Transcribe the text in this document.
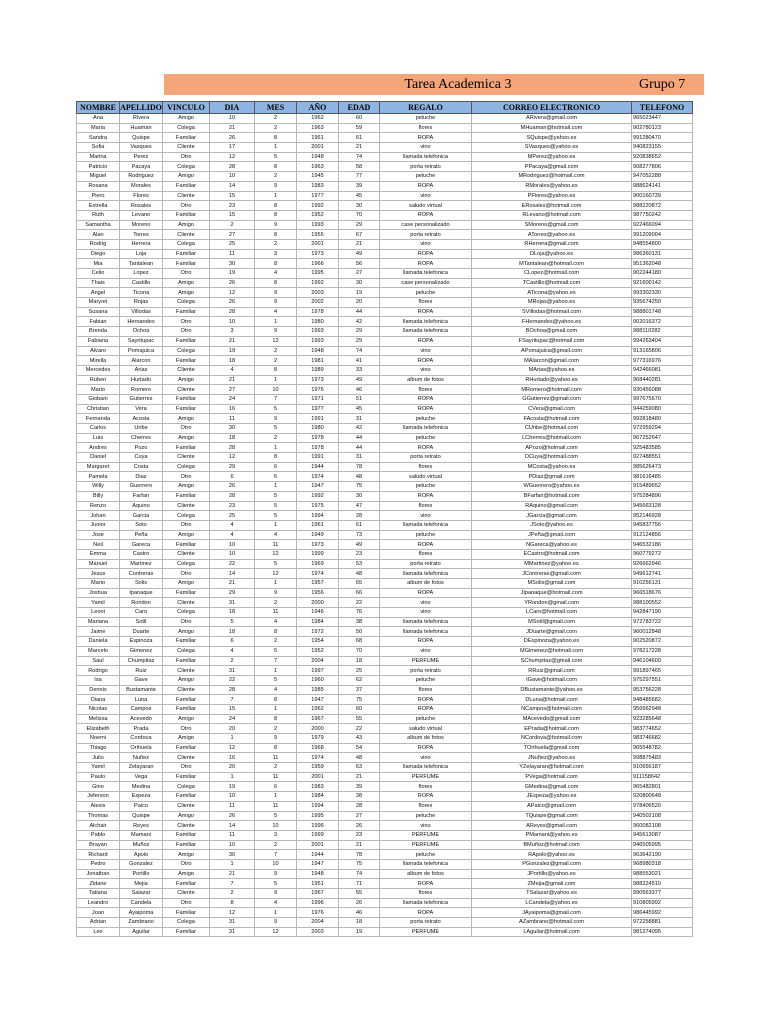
Tarea Academica 3	Grupo 7
NOMBRE	APELLIDO	VINCULO	DIA	MES	AÑO	EDAD	REGALO	CORREO ELECTRONICO	TELEFONO
Ana	Rivera	Amigo	10	2	1962	60	peluche	ARivera@gmail.com	965023447
Maria	Huaman	Colega	21	2	1963	59	flores	MHuaman@hotmail.com	902780123
Sandra	Quispe	Familiar	26	8	1961	61	ROPA	SQuispe@yahoo.es	991280470
Sofia	Vasques	Cliente	17	1	2001	21	vino	SVasques@yahoo.es	940823155
Marina	Perez	Otro	12	5	1948	74	llamada telefonica	MPerez@yahoo.es	920838652
Patricio	Pacaya	Colega	28	8	1963	58	porta retrato	PPacaya@gmail.com	908277806
Miguel	Rodriguez	Amigo	10	2	1945	77	peluche	MRodriguez@hotmail.com	947052288
Roxana	Morales	Familiar	14	9	1983	39	ROPA	RMorales@yahoo.es	988624141
Piero	Flores	Cliente	15	1	1977	45	vino	PFlores@yahoo.es	900160739
Estrella	Rosales	Otro	23	8	1992	30	saludo virtual	ERosales@hotmail.com	988220872
Ruth	Levano	Familiar	15	8	1952	70	ROPA	RLevano@hotmail.com	987750242
Samantha	Moreno	Amigo	2	9	1993	29	case personalizado	SMoreno@gmail.com	922466094
Alan	Torres	Cliente	27	8	1955	67	porta retrato	ATorres@yahoo.es	991209004
Rodrig	Herrera	Colega	25	2	2001	21	vino	RHerrera@gmail.com	948554800
Diego	Loja	Familiar	11	3	1973	49	ROPA	DLoja@yahoo.es	986360131
Mia	Tantalean	Familiar	30	8	1966	56	ROPA	MTantalean@hotmail.com	951362048
Celio	Lopez	Otro	19	4	1995	27	llamada telefonica	CLopez@hotmail.com	902244180
Thais	Castillo	Amigo	26	8	1992	30	case personalizado	TCastillo@hotmail.com	921600142
Angel	Ticona	Amigo	12	9	2003	19	peluche	ATicona@yahoo.es	993302330
Maryori	Rojas	Colega	26	9	2002	20	flores	MRojas@yahoo.es	935674250
Susana	Villodas	Familiar	28	4	1978	44	ROPA	SVillodas@hotmail.com	988801748
Fabian	Hernandes	Otro	10	1	1980	42	llamada telefonica	FHernandes@yahoo.es	902016372
Brenda	Ochoa	Otro	3	9	1993	29	llamada telefonica	BOchoa@gmail.com	988110282
Fabiana	Sayritupac	Familiar	21	12	1993	29	ROPA	FSayritupac@hotmail.com	994263404
Alvaro	Pomajuica	Colega	19	2	1948	74	vino	APomajuica@gmail.com	913165806
Mirella	Alarcon	Familiar	18	2	1981	41	ROPA	MAlarcon@gmail.com	977316976
Mercedes	Arias	Cliente	4	8	1989	33	vino	MArias@yahoo.es	942466081
Ruben	Hurtado	Amigo	21	1	1973	49	album de fotos	RHurtado@yahoo.es	968440281
Mario	Romero	Cliente	27	10	1976	46	flores	MRomero@hotmail.com	930456088
Giobani	Gutierrez	Familiar	24	7	1971	51	ROPA	GGutierrez@gmail.com	997675670
Christian	Vera	Familiar	16	5	1977	45	ROPA	CVera@gmail.com	944259080
Fernanda	Acosta	Amigo	11	9	1991	31	peluche	FAcosta@hotmail.com	992818480
Carlos	Uribe	Otro	30	5	1980	42	llamada telefonica	CUribe@hotmail.com	972959294
Luis	Cherres	Amigo	18	2	1978	44	peluche	LCherres@hotmail.com	967252647
Andres	Pozo	Familiar	28	1	1978	44	ROPA	APozo@hotmail.com	925483585
Daniel	Cuya	Cliente	12	8	1991	31	porta retrato	DCuya@hotmail.com	927488551
Margaret	Costa	Colega	29	6	1944	78	flores	MCosta@yahoo.es	985626473
Pamela	Diaz	Otro	6	6	1974	48	saludo virtual	PDiaz@gmail.com	981616485
Willy	Guerrero	Amigo	26	1	1947	75	peluche	WGuerrero@yahoo.es	915489652
Billy	Farfan	Familiar	28	5	1992	30	ROPA	BFarfan@hotmail.com	975284896
Renzo	Aquino	Cliente	23	5	1975	47	flores	RAquino@gmail.com	945663128
Johan	Garcia	Colega	25	5	1994	28	vino	JGarcia@gmail.com	952146928
Junior	Soto	Otro	4	1	1961	61	llamada telefonica	JSoto@yahoo.es	945837756
Jose	Peña	Amigo	4	4	1949	73	peluche	JPeña@gmail.com	912124856
Neil	Gareca	Familiar	10	11	1973	49	ROPA	NGareca@yahoo.es	946532186
Emma	Castro	Cliente	10	12	1999	23	flores	ECastro@hotmail.com	960779272
Manuel	Martinez	Colega	22	5	1969	53	porta retrato	MMartinez@yahoo.es	926662946
Jesus	Contreras	Otro	14	12	1974	48	llamada telefonica	JContreras@gmail.com	949612741
Mario	Solis	Amigo	21	1	1957	65	album de fotos	MSolis@gmail.com	910256131
Joshua	Ipanaque	Familiar	29	9	1956	66	ROPA	JIpanaque@hotmail.com	966518676
Yamil	Rondon	Cliente	31	2	2000	22	vino	YRondon@gmail.com	988100552
Leoni	Caro	Colega	18	11	1946	76	vino	LCaro@hotmail.com	942847190
Mariana	Sotil	Otro	5	4	1984	38	llamada telefonica	MSotil@gmail.com	972783722
Jaime	Duarte	Amigo	18	8	1972	50	llamada telefonica	JDuarte@gmail.com	960012848
Daniela	Espinoza	Familiar	6	2	1954	68	ROPA	DEspinoza@yahoo.es	902520872
Marcelo	Gimenez	Colega	4	5	1952	70	vino	MGimenez@hotmail.com	978217228
Saul	Chumpitaz	Familiar	2	7	2004	18	PERFUME	SChumpitaz@gmail.com	946104600
Rodrigo	Ruiz	Cliente	31	1	1997	25	porta retrato	RRuiz@gmail.com	991897465
Isa	Gave	Amigo	22	5	1960	62	peluche	IGave@hotmail.com	975297551
Dennis	Bustamante	Cliente	28	4	1985	37	flores	DBustamante@yahoo.es	953756228
Diana	Luna	Familiar	7	8	1947	75	ROPA	DLuna@hotmail.com	948485682
Nicolas	Campos	Familiar	15	1	1962	60	ROPA	NCampos@hotmail.com	956562948
Melissa	Acevedo	Amigo	24	8	1967	55	peluche	MAcevedo@gmail.com	923285648
Elizabeth	Prada	Otro	20	2	2000	22	saludo virtual	EPrada@hotmail.com	983774652
Noemi	Cordova	Amigo	1	9	1979	43	album de fotos	NCordova@hotmail.com	983746682
Thiago	Orihuela	Familiar	12	8	1968	54	ROPA	TOrihuela@gmail.com	965548782
Julio	Nuñez	Cliente	16	11	1974	48	vino	JNuñez@yahoo.es	998875483
Yamil	Zelayaran	Otro	20	2	1959	63	llamada telefonica	YZelayaran@hotmail.com	910656187
Paulo	Vega	Familiar	1	11	2001	21	PERFUME	PVega@hotmail.com	911158642
Gino	Medina	Colega	19	6	1983	39	flores	GMedina@gmail.com	965482801
Jeferson	Espeza	Familiar	10	1	1984	38	ROPA	JEspeza@yahoo.es	920800648
Alexis	Paico	Cliente	11	11	1994	28	flores	APaico@gmail.com	978406520
Thomas	Quispe	Amigo	26	5	1995	27	peluche	TQuispe@gmail.com	940502108
Alchair	Reyes	Cliente	14	10	1996	26	vino	AReyes@gmail.com	960082108
Pablo	Mamani	Familiar	11	3	1999	23	PERFUME	PMamani@yahoo.es	945613087
Brayan	Muñoz	Familiar	10	2	2001	21	PERFUME	BMuñoz@hotmail.com	946505995
Richard	Apolo	Amigo	30	7	1944	78	peluche	RApolo@yahoo.es	963642190
Pedro	Gonzalez	Otro	1	10	1947	75	llamada telefonica	PGonzalez@gmail.com	968980318
Jonathan	Portillo	Amigo	21	9	1948	74	album de fotos	JPortillo@yahoo.es	988553021
Zidane	Mejia	Familiar	7	5	1951	71	ROPA	ZMejia@gmail.com	988224510
Tatiana	Salazar	Cliente	2	9	1967	55	flores	TSalazar@yahoo.es	990563377
Leandro	Candela	Otro	8	4	1996	26	llamada telefonica	LCandela@yahoo.es	910805992
Joan	Ayaipoma	Familiar	12	1	1976	46	ROPA	JAyaipoma@gmail.com	986445992
Adrian	Zambrano	Colega	31	9	2004	18	porta retrato	AZambrano@hotmail.com	972258881
Leo	Aguilar	Familiar	31	12	2003	19	PERFUME	LAguilar@hotmail.com	981274095
